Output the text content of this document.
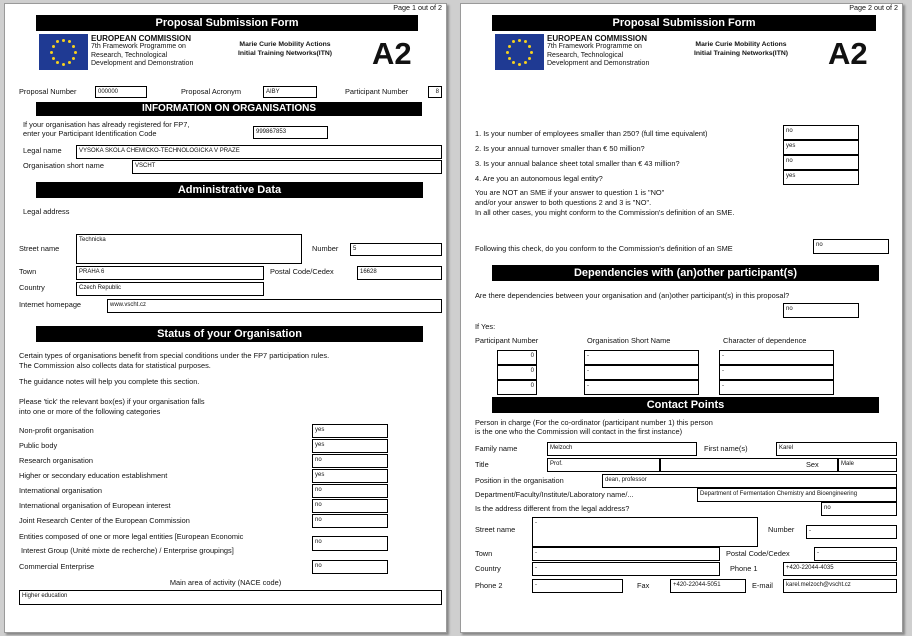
Page 1 out of 2
Proposal Submission Form
EUROPEAN COMMISSION
7th Framework Programme on
Research, Technological
Development and Demonstration
Marie Curie Mobility Actions
Initial Training Networks(ITN) A2
Proposal Number	000000	Proposal Acronym	AIBY	Participant Number	8
INFORMATION ON ORGANISATIONS
If your organisation has already registered for FP7,
enter your Participant Identification Code	999867853
Legal name	VYSOKA SKOLA CHEMICKO-TECHNOLOGICKA V PRAZE
Organisation short name	VSCHT
Administrative Data
Legal address
Street name
Technicka
Number	5
Town	PRAHA 6	Postal Code/Cedex	16628
Country	Czech Republic
Internet homepage	www.vscht.cz
Status of your Organisation
Certain types of organisations benefit from special conditions under the FP7 participation rules.
The Commission also collects data for statistical purposes.
The guidance notes will help you complete this section.
Please 'tick' the relevant box(es) if your organisation falls
into one or more of the following categories
Non-profit organisation	yes
Public body	yes
Research organisation	no
Higher or secondary education establishment	yes
International organisation	no
International organisation of European interest	no
Joint Research Center of the European Commission	no
Entities composed of one or more legal entities [European Economic
Interest Group (Unité mixte de recherche) / Enterprise groupings]
no
Commercial Enterprise	no
Main area of activity (NACE code)
Higher education
Page 2 out of 2
Proposal Submission Form
EUROPEAN COMMISSION
7th Framework Programme on
Research, Technological
Development and Demonstration
Marie Curie Mobility Actions
Initial Training Networks(ITN) A2
1. Is your number of employees smaller than 250? (full time equivalent)	no
2. Is your annual turnover smaller than € 50 million?	yes
3. Is your annual balance sheet total smaller than € 43 million?	no
4. Are you an autonomous legal entity?	yes
You are NOT an SME if your answer to question 1 is "NO"
and/or your answer to both questions 2 and 3 is "NO".
In all other cases, you might conform to the Commission's definition of an SME.
Following this check, do you conform to the Commission's definition of an SME	no
Dependencies with (an)other participant(s)
Are there dependencies between your organisation and (an)other participant(s) in this proposal?
no
If Yes:
Participant Number	Organisation Short Name	Character of dependence
0	-	-
0	-	-
0	-	-
Contact Points
Person in charge (For the co-ordinator (participant number 1) this person
is the one who the Commission will contact in the first instance)
Family name	Melzoch	First name(s)	Karel
Title	Prof.	Sex	Male
Position in the organisation	dean, professor
Department/Faculty/Institute/Laboratory name/...	Department of Fermentation Chemistry and Bioengineering
Is the address different from the legal address?	no
Street name
-
Number	-
Town	-	Postal Code/Cedex	-
Country	-	Phone 1	+420-22044-4035
Phone 2	-	Fax	+420-22044-5051	E-mail	karel.melzoch@vscht.cz
